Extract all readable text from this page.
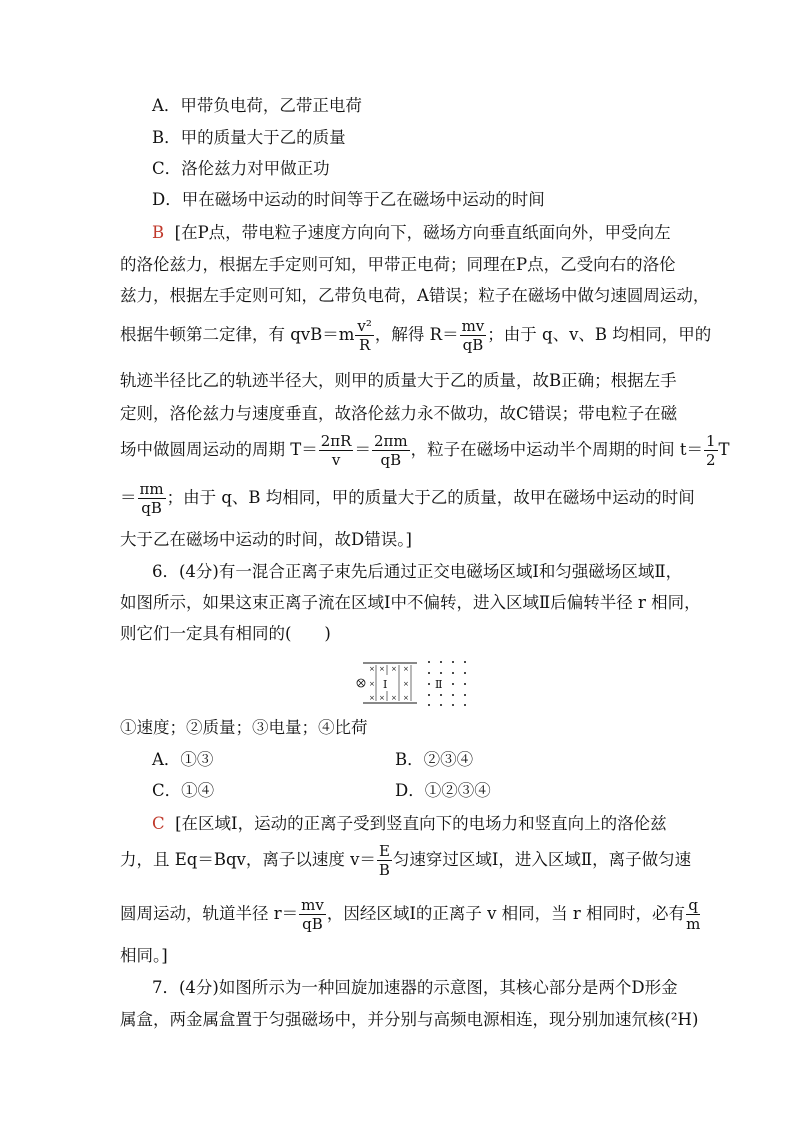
A．甲带负电荷，乙带正电荷
B．甲的质量大于乙的质量
C．洛伦兹力对甲做正功
D．甲在磁场中运动的时间等于乙在磁场中运动的时间
B [在P点，带电粒子速度方向向下，磁场方向垂直纸面向外，甲受向左
的洛伦兹力，根据左手定则可知，甲带正电荷；同理在P点，乙受向右的洛伦
兹力，根据左手定则可知，乙带负电荷，A错误；粒子在磁场中做匀速圆周运动，
根据牛顿第二定律，有 $qvB=m \frac{\text{v²}}{R}$ ，解得 $R= \frac{mv}{qB}$ ；由于 q、v、B 均相同，甲的
轨迹半径比乙的轨迹半径大，则甲的质量大于乙的质量，故B正确；根据左手
定则，洛伦兹力与速度垂直，故洛伦兹力永不做功，故C错误；带电粒子在磁
场中做圆周运动的周期 $T= \frac{2\pi R}{v} = \frac{2\pi m}{qB}$ ，粒子在磁场中运动半个周期的时间 $t= \frac{1}{2}$ T
＝ $\frac{\pi m}{qB}$ ；由于 q、B 均相同，甲的质量大于乙的质量，故甲在磁场中运动的时间
大于乙在磁场中运动的时间，故D错误。]
6．(4分)有一混合正离子束先后通过正交电磁场区域Ⅰ和匀强磁场区域Ⅱ，
如图所示，如果这束正离子流在区域Ⅰ中不偏转，进入区域Ⅱ后偏转半径 r 相同，
则它们一定具有相同的(　　)
× × × ×
×	×
× × × ×
Ⅰ	Ⅱ
①速度；②质量；③电量；④比荷
A．①③	B．②③④
C．①④	D．①②③④
C [在区域Ⅰ，运动的正离子受到竖直向下的电场力和竖直向上的洛伦兹
力，且 Eq＝Bqv，离子以速度 $v= \frac{E}{B}$ 匀速穿过区域Ⅰ，进入区域Ⅱ，离子做匀速
圆周运动，轨道半径 $r= \frac{mv}{qB}$ ，因经区域Ⅰ的正离子 v 相同，当 r 相同时，必有 $\frac{q}{m}$
相同。]
7．(4分)如图所示为一种回旋加速器的示意图，其核心部分是两个D形金
属盒，两金属盒置于匀强磁场中，并分别与高频电源相连，现分别加速氘核(²H)
